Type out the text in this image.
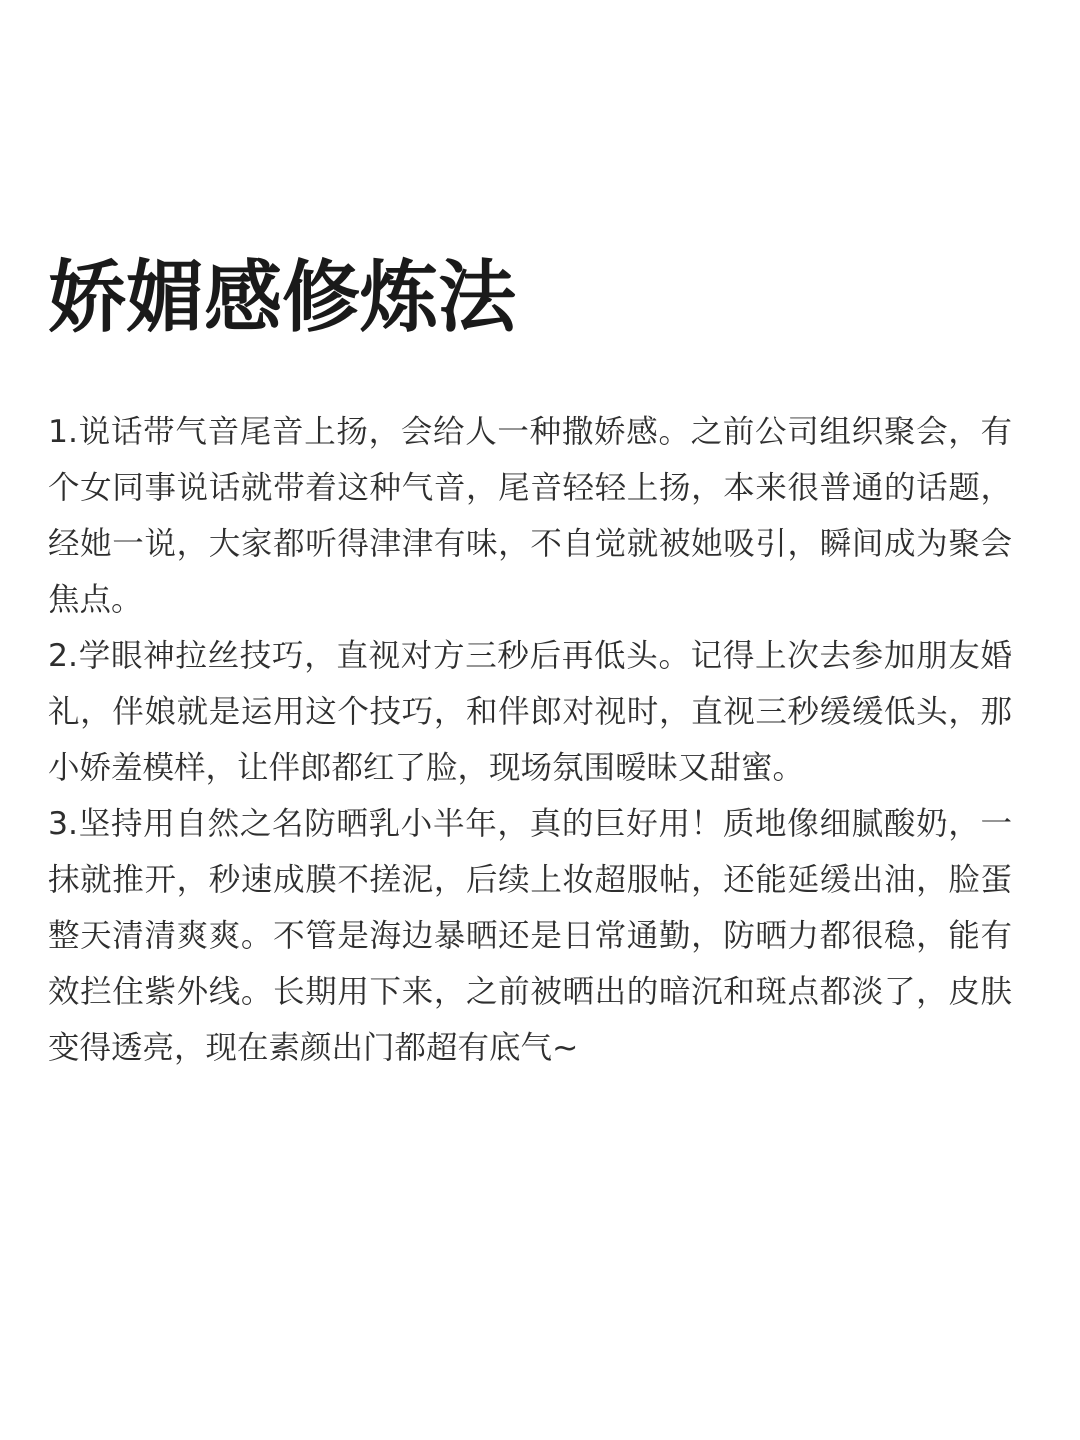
娇媚感修炼法

1.说话带气音尾音上扬，会给人一种撒娇感。之前公司组织聚会，有个女同事说话就带着这种气音，尾音轻轻上扬，本来很普通的话题，经她一说，大家都听得津津有味，不自觉就被她吸引，瞬间成为聚会焦点。

2.学眼神拉丝技巧，直视对方三秒后再低头。记得上次去参加朋友婚礼，伴娘就是运用这个技巧，和伴郎对视时，直视三秒缓缓低头，那小娇羞模样，让伴郎都红了脸，现场氛围暧昧又甜蜜。

3.坚持用自然之名防晒乳小半年，真的巨好用！质地像细腻酸奶，一抹就推开，秒速成膜不搓泥，后续上妆超服帖，还能延缓出油，脸蛋整天清清爽爽。不管是海边暴晒还是日常通勤，防晒力都很稳，能有效拦住紫外线。长期用下来，之前被晒出的暗沉和斑点都淡了，皮肤变得透亮，现在素颜出门都超有底气~
